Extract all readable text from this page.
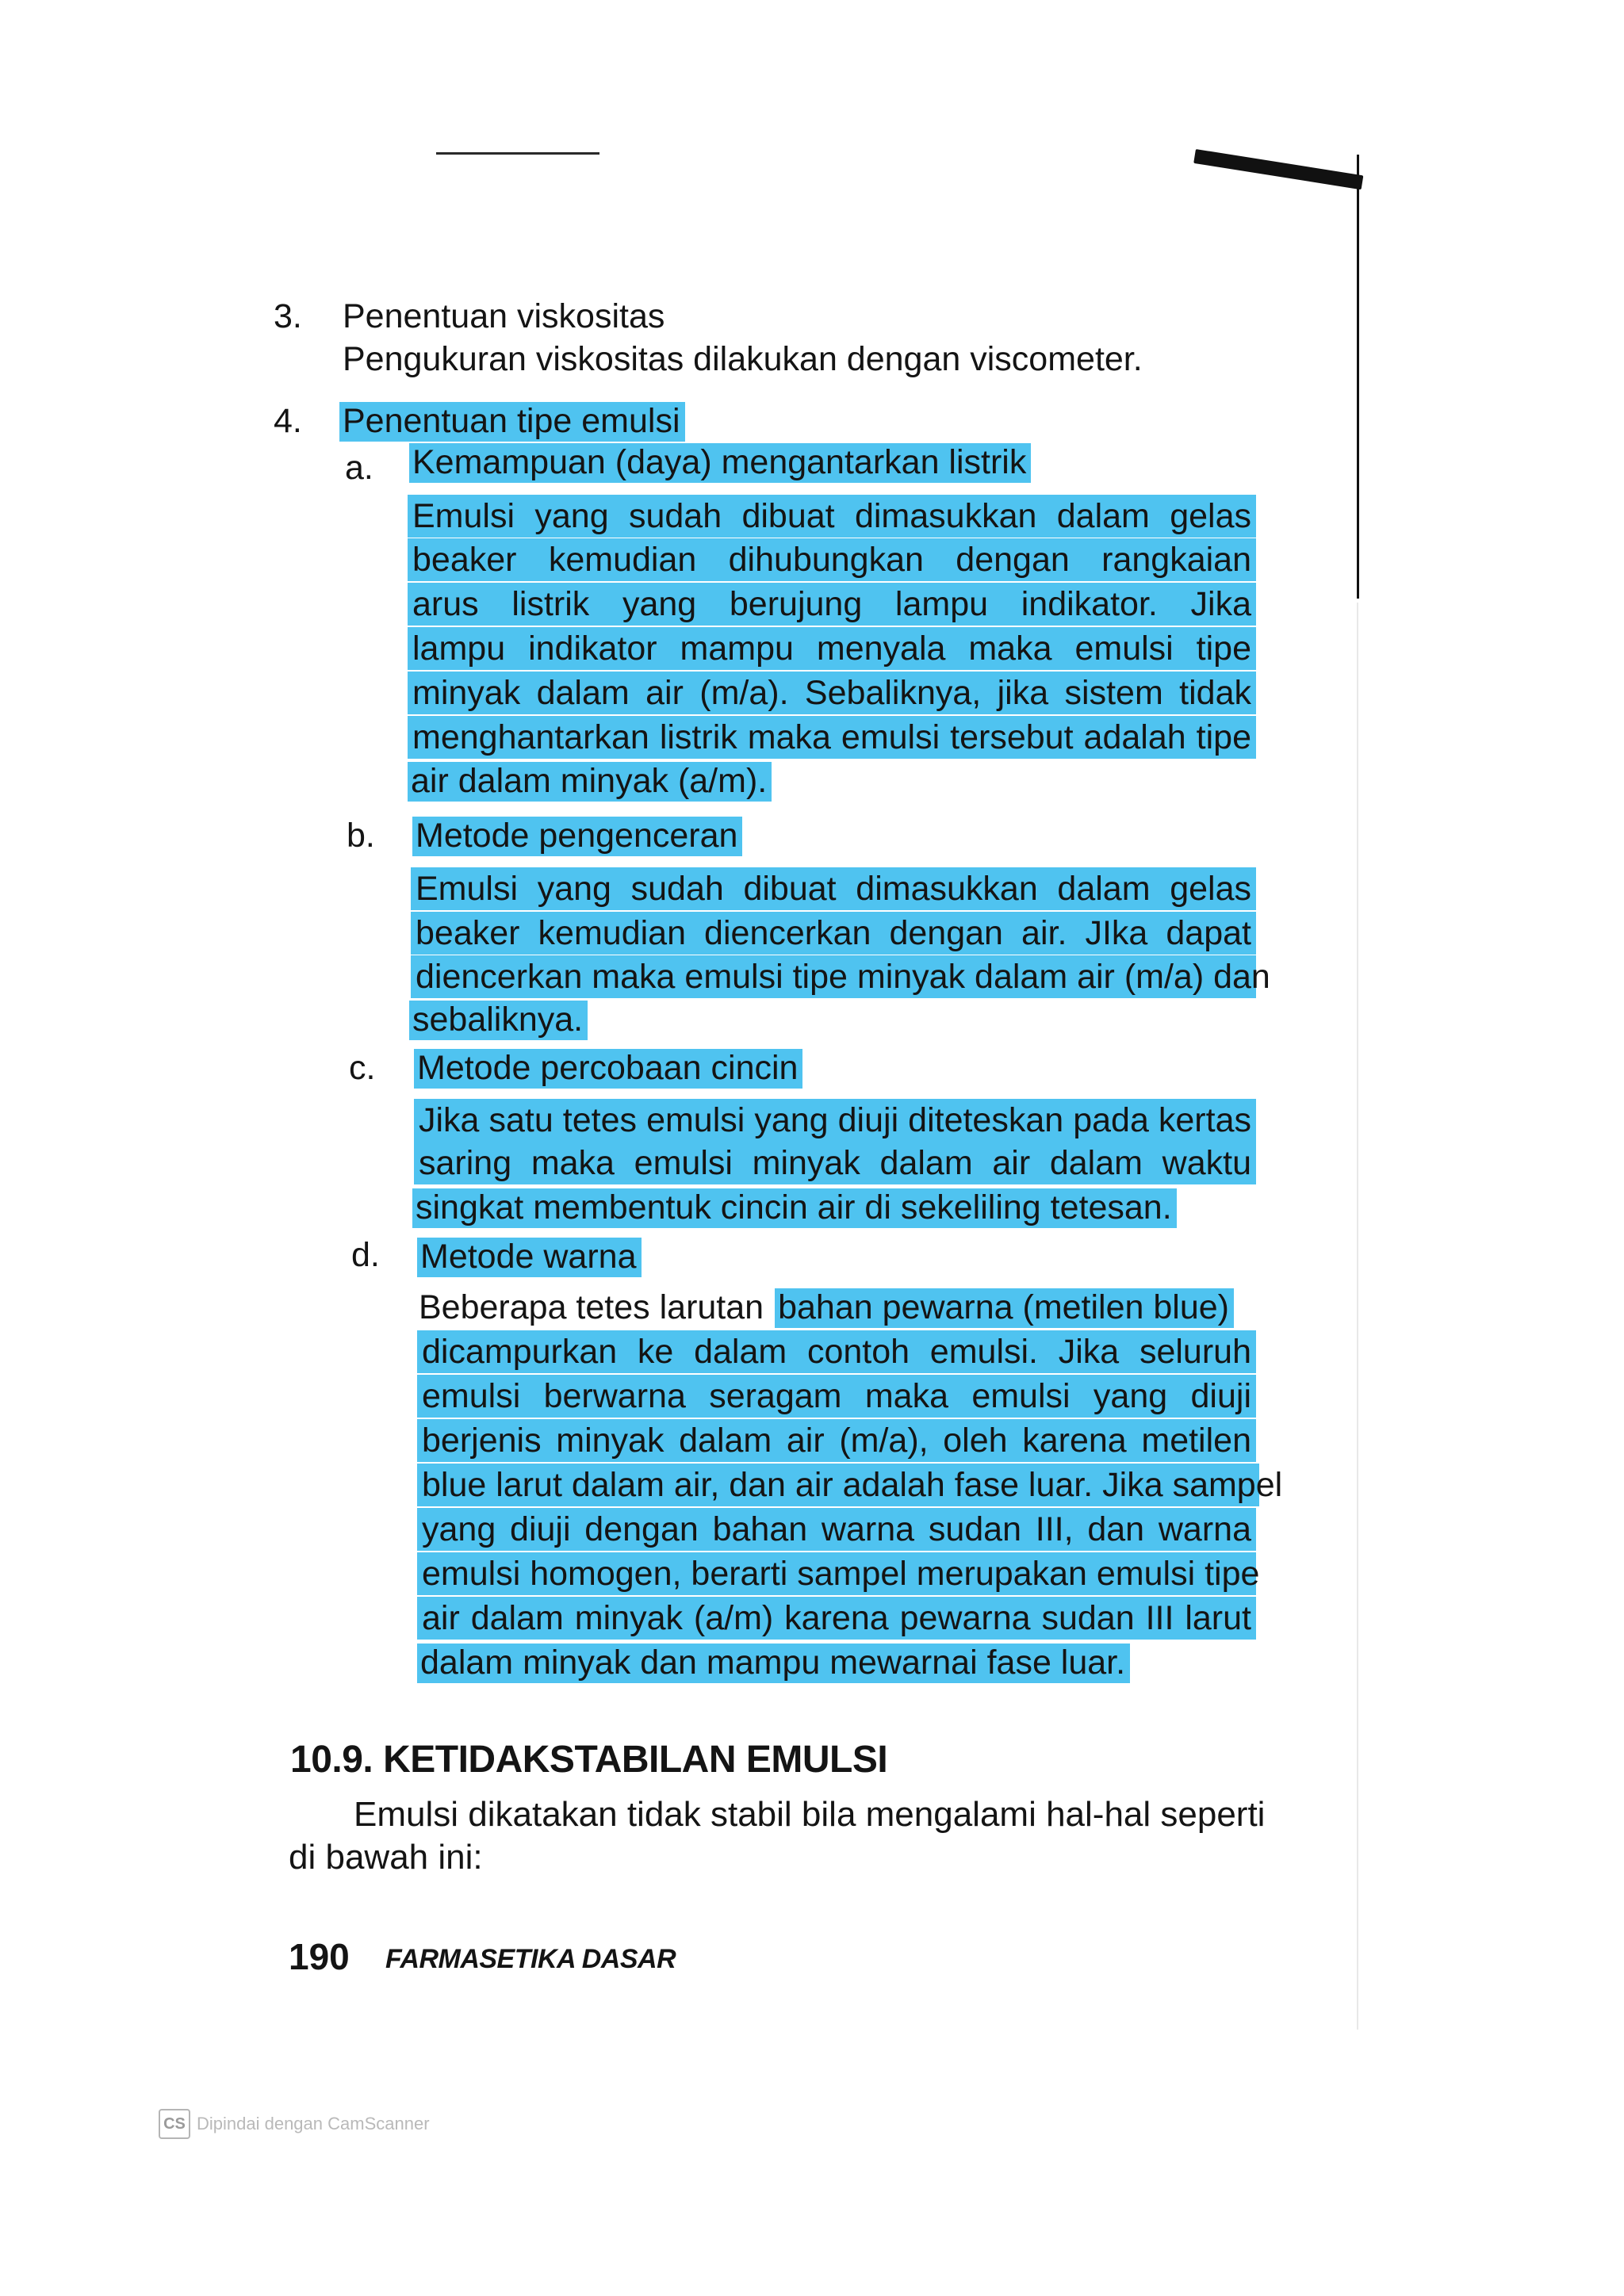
3. Penentuan viskositas
Pengukuran viskositas dilakukan dengan viscometer.
4. Penentuan tipe emulsi
a. Kemampuan (daya) mengantarkan listrik
Emulsi yang sudah dibuat dimasukkan dalam gelas
beaker kemudian dihubungkan dengan rangkaian
arus listrik yang berujung lampu indikator. Jika
lampu indikator mampu menyala maka emulsi tipe
minyak dalam air (m/a). Sebaliknya, jika sistem tidak
menghantarkan listrik maka emulsi tersebut adalah tipe
air dalam minyak (a/m).
b. Metode pengenceran
Emulsi yang sudah dibuat dimasukkan dalam gelas
beaker kemudian diencerkan dengan air. JIka dapat
diencerkan maka emulsi tipe minyak dalam air (m/a) dan
sebaliknya.
c. Metode percobaan cincin
Jika satu tetes emulsi yang diuji diteteskan pada kertas
saring maka emulsi minyak dalam air dalam waktu
singkat membentuk cincin air di sekeliling tetesan.
d. Metode warna
Beberapa tetes larutan bahan pewarna (metilen blue)
dicampurkan ke dalam contoh emulsi. Jika seluruh
emulsi berwarna seragam maka emulsi yang diuji
berjenis minyak dalam air (m/a), oleh karena metilen
blue larut dalam air, dan air adalah fase luar. Jika sampel
yang diuji dengan bahan warna sudan III, dan warna
emulsi homogen, berarti sampel merupakan emulsi tipe
air dalam minyak (a/m) karena pewarna sudan III larut
dalam minyak dan mampu mewarnai fase luar.
10.9. KETIDAKSTABILAN EMULSI
Emulsi dikatakan tidak stabil bila mengalami hal-hal seperti
di bawah ini:
190 FARMASETIKA DASAR
CS Dipindai dengan CamScanner
